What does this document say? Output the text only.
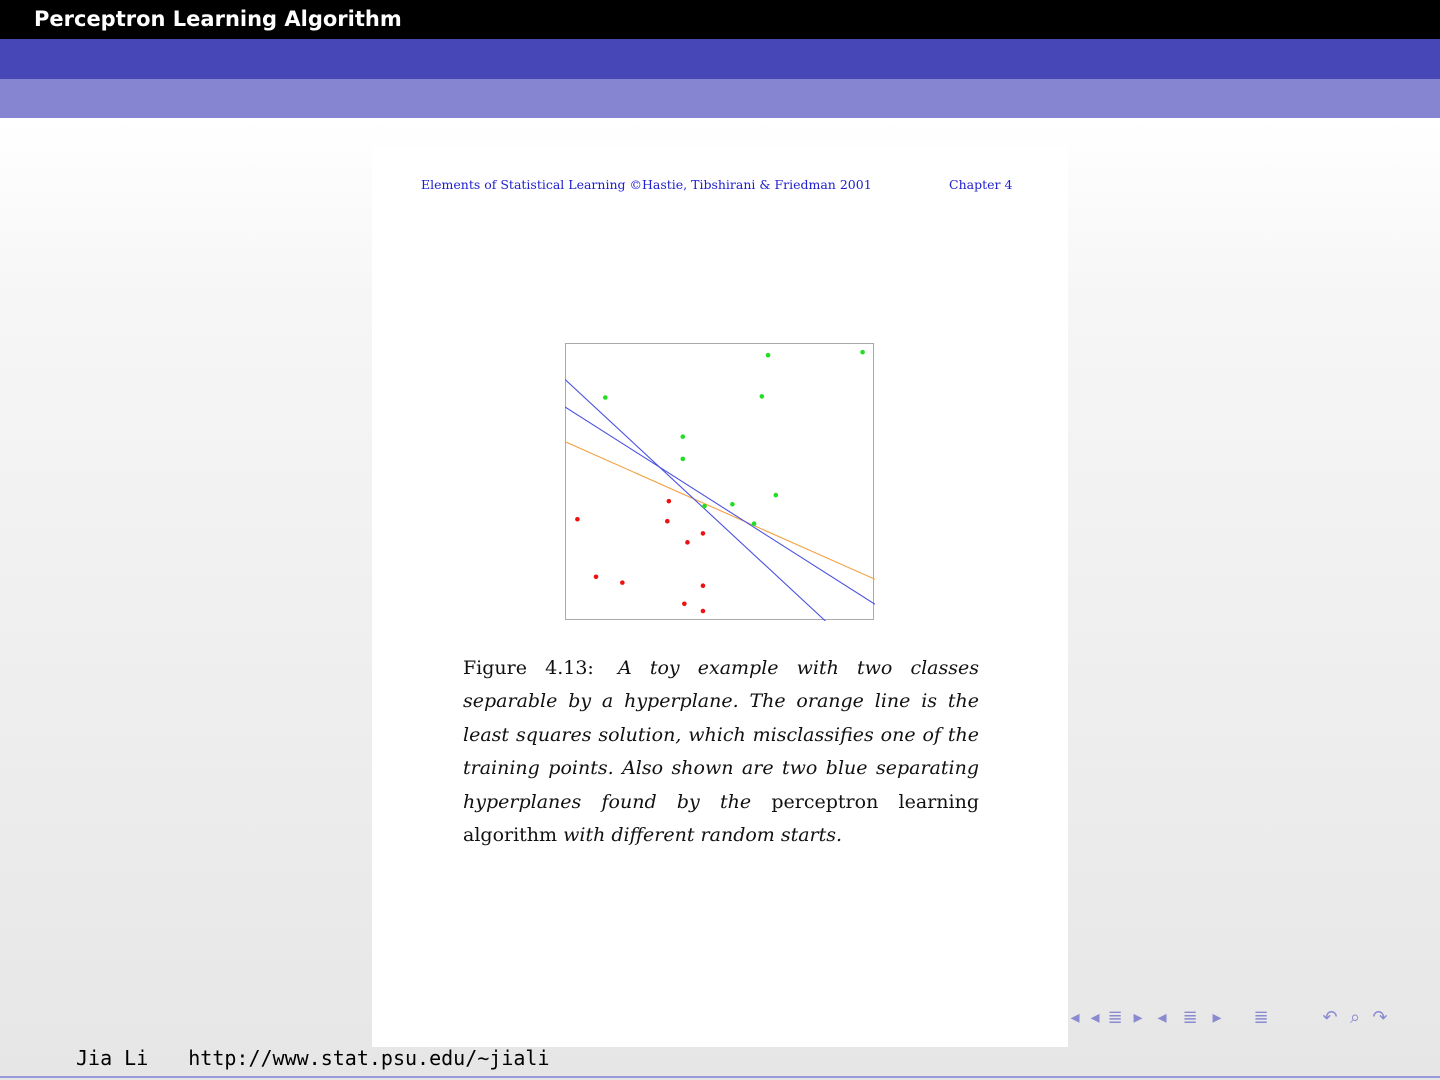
Perceptron Learning Algorithm
Elements of Statistical Learning ©Hastie, Tibshirani & Friedman 2001	Chapter 4
Figure 4.13: A toy example with two classes separable by a hyperplane. The orange line is the least squares solution, which misclassifies one of the training points. Also shown are two blue separating hyperplanes found by the perceptron learning algorithm with different random starts.
◂ ◂ ≣ ▸ ◂ ≣ ▸	≣	↶ ⌕ ↷
Jia Li http://www.stat.psu.edu/∼jiali
